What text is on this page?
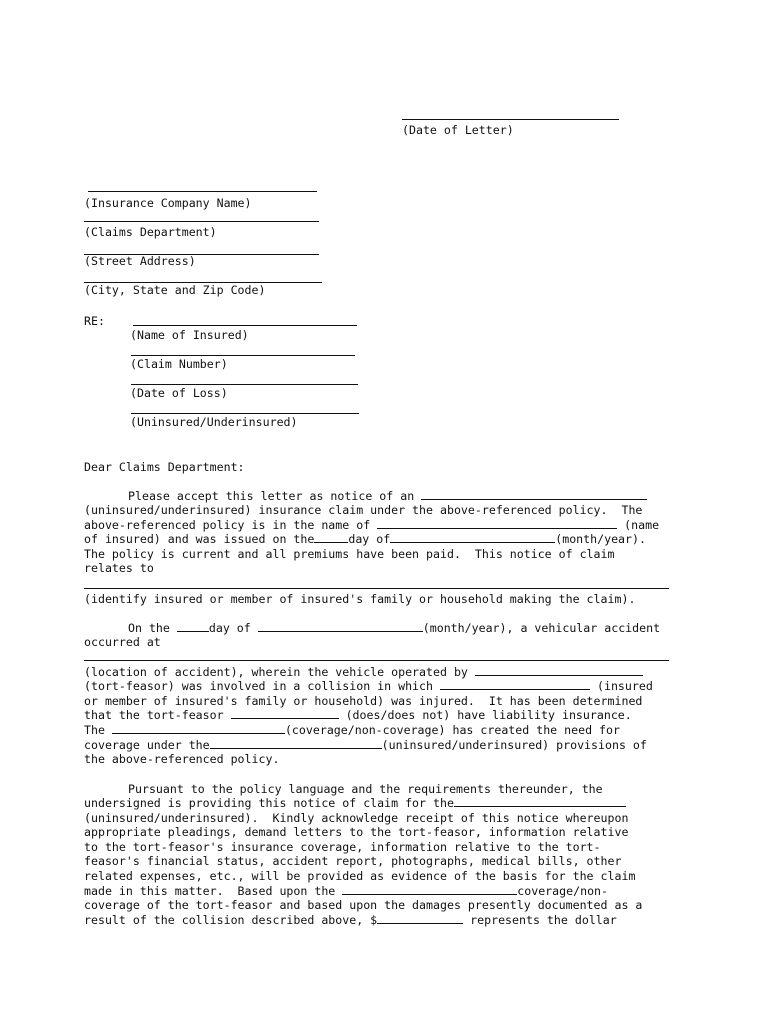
(Date of Letter)
(Insurance Company Name)
(Claims Department)
(Street Address)
(City, State and Zip Code)
RE:
(Name of Insured)
(Claim Number)
(Date of Loss)
(Uninsured/Underinsured)
Dear Claims Department:
Please accept this letter as notice of an
(uninsured/underinsured) insurance claim under the above-referenced policy.  The
above-referenced policy is in the name of	(name
of insured) and was issued on the	day of	(month/year).
The policy is current and all premiums have been paid.  This notice of claim
relates to
(identify insured or member of insured's family or household making the claim).
On the	day of	(month/year), a vehicular accident
occurred at
(location of accident), wherein the vehicle operated by
(tort-feasor) was involved in a collision in which	(insured
or member of insured's family or household) was injured.  It has been determined
that the tort-feasor	(does/does not) have liability insurance.
The	(coverage/non-coverage) has created the need for
coverage under the	(uninsured/underinsured) provisions of
the above-referenced policy.
Pursuant to the policy language and the requirements thereunder, the
undersigned is providing this notice of claim for the
(uninsured/underinsured).  Kindly acknowledge receipt of this notice whereupon
appropriate pleadings, demand letters to the tort-feasor, information relative
to the tort-feasor's insurance coverage, information relative to the tort-
feasor's financial status, accident report, photographs, medical bills, other
related expenses, etc., will be provided as evidence of the basis for the claim
made in this matter.  Based upon the	coverage/non-
coverage of the tort-feasor and based upon the damages presently documented as a
result of the collision described above, $	represents the dollar
